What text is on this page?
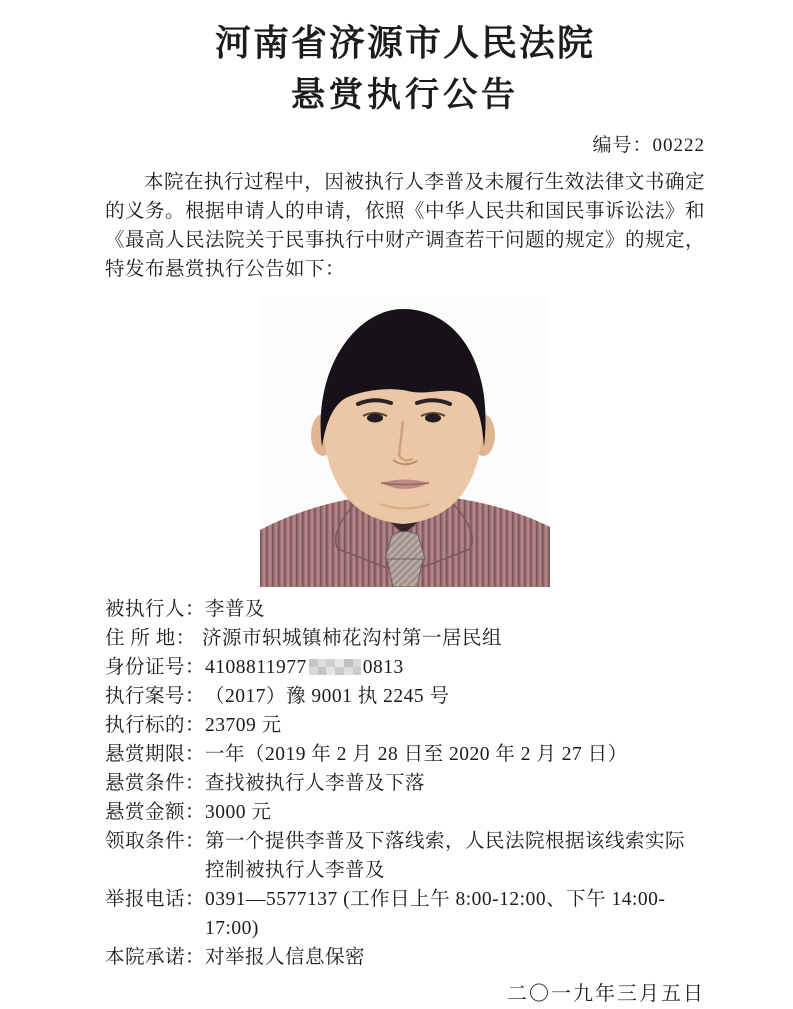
河南省济源市人民法院
悬赏执行公告
编号：00222

本院在执行过程中，因被执行人李普及未履行生效法律文书确定的义务。根据申请人的申请，依照《中华人民共和国民事诉讼法》和《最高人民法院关于民事执行中财产调查若干问题的规定》的规定，特发布悬赏执行公告如下：

被执行人： 李普及
住 所 地： 济源市轵城镇柿花沟村第一居民组
身份证号： 4108811977	0813
执行案号： （2017）豫 9001 执 2245 号
执行标的： 23709 元
悬赏期限： 一年（2019 年 2 月 28 日至 2020 年 2 月 27 日）
悬赏条件： 查找被执行人李普及下落
悬赏金额： 3000 元
领取条件： 第一个提供李普及下落线索，人民法院根据该线索实际控制被执行人李普及
举报电话： 0391—5577137 (工作日上午 8:00-12:00、下午 14:00-17:00)
本院承诺： 对举报人信息保密
二〇一九年三月五日
